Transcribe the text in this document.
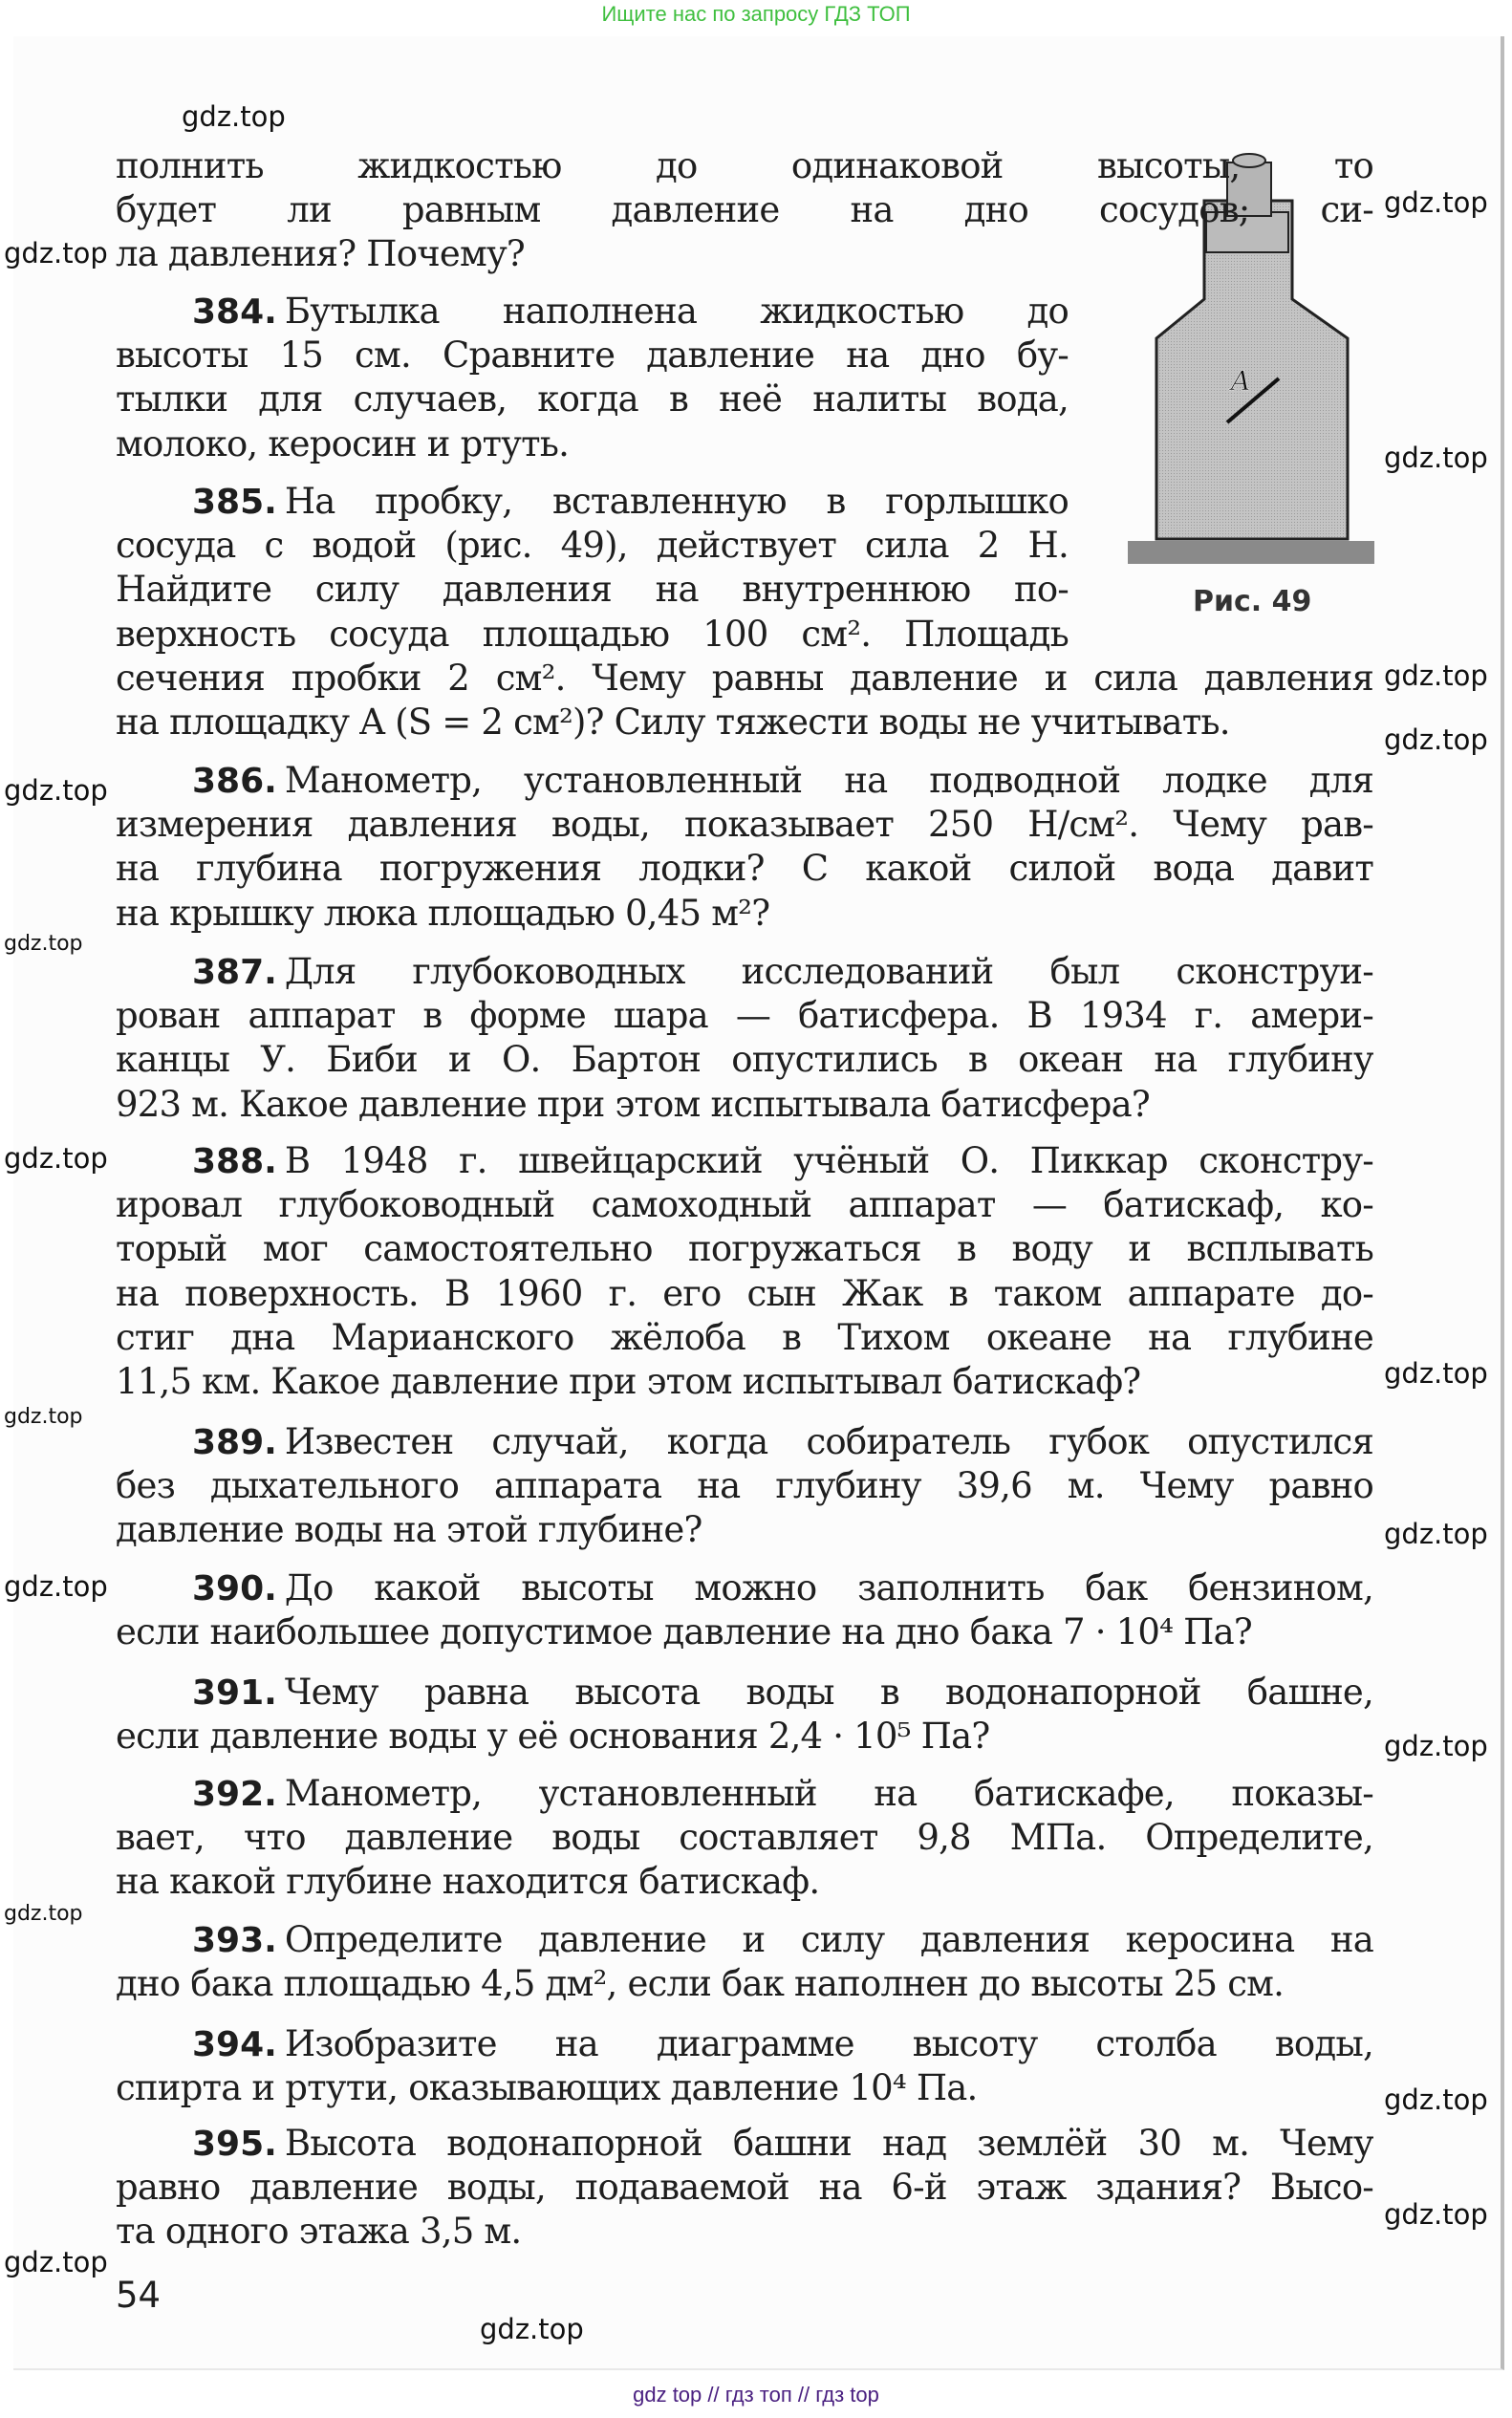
Ищите нас по запросу ГДЗ ТОП
A
Рис. 49
полнить жидкостью до одинаковой высоты, то
будет ли равным давление на дно сосудов; си-
ла давления? Почему?
384. Бутылка наполнена жидкостью до
высоты 15 см. Сравните давление на дно бу-
тылки для случаев, когда в неё налиты вода,
молоко, керосин и ртуть.
385. На пробку, вставленную в горлышко
сосуда с водой (рис. 49), действует сила 2 Н.
Найдите силу давления на внутреннюю по-
верхность сосуда площадью 100 см². Площадь
сечения пробки 2 см². Чему равны давление и сила давления
на площадку A (S = 2 см²)? Силу тяжести воды не учитывать.
386. Манометр, установленный на подводной лодке для
измерения давления воды, показывает 250 Н/см². Чему рав-
на глубина погружения лодки? С какой силой вода давит
на крышку люка площадью 0,45 м²?
387. Для глубоководных исследований был сконструи-
рован аппарат в форме шара — батисфера. В 1934 г. амери-
канцы У. Биби и О. Бартон опустились в океан на глубину
923 м. Какое давление при этом испытывала батисфера?
388. В 1948 г. швейцарский учёный О. Пиккар сконстру-
ировал глубоководный самоходный аппарат — батискаф, ко-
торый мог самостоятельно погружаться в воду и всплывать
на поверхность. В 1960 г. его сын Жак в таком аппарате до-
стиг дна Марианского жёлоба в Тихом океане на глубине
11,5 км. Какое давление при этом испытывал батискаф?
389. Известен случай, когда собиратель губок опустился
без дыхательного аппарата на глубину 39,6 м. Чему равно
давление воды на этой глубине?
390. До какой высоты можно заполнить бак бензином,
если наибольшее допустимое давление на дно бака 7 · 10⁴ Па?
391. Чему равна высота воды в водонапорной башне,
если давление воды у её основания 2,4 · 10⁵ Па?
392. Манометр, установленный на батискафе, показы-
вает, что давление воды составляет 9,8 МПа. Определите,
на какой глубине находится батискаф.
393. Определите давление и силу давления керосина на
дно бака площадью 4,5 дм², если бак наполнен до высоты 25 см.
394. Изобразите на диаграмме высоту столба воды,
спирта и ртути, оказывающих давление 10⁴ Па.
395. Высота водонапорной башни над землёй 30 м. Чему
равно давление воды, подаваемой на 6-й этаж здания? Высо-
та одного этажа 3,5 м.
54
gdz top // гдз топ // гдз top
gdz.top
gdz.top
gdz.top
gdz.top
gdz.top
gdz.top
gdz.top
gdz.top
gdz.top
gdz.top
gdz.top
gdz.top
gdz.top
gdz.top
gdz.top
gdz.top
gdz.top
gdz.top
gdz.top
